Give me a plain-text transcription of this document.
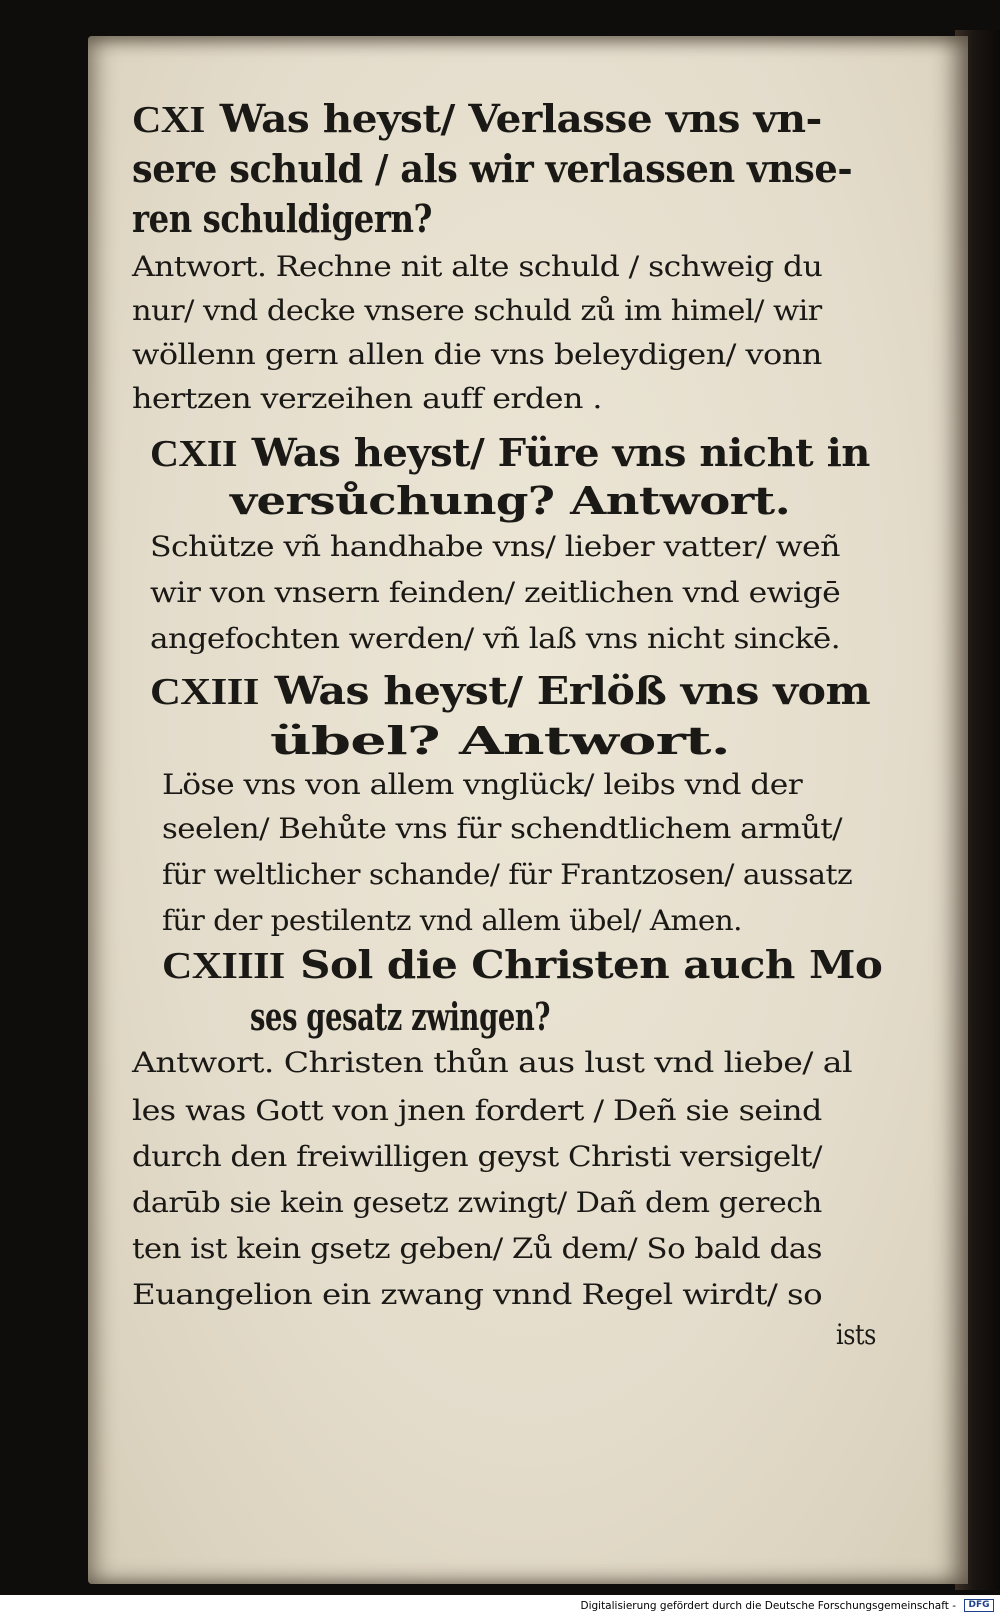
CXI Was heyst/ Verlasse vns vn-
sere schuld / als wir verlassen vnse-
ren schuldigern?
Antwort. Rechne nit alte schuld / schweig du
nur/ vnd decke vnsere schuld zů im himel/ wir
wöllenn gern allen die vns beleydigen/ vonn
hertzen verzeihen auff erden .
CXII Was heyst/ Füre vns nicht in
versůchung? Antwort.
Schütze vñ handhabe vns/ lieber vatter/ weñ
wir von vnsern feinden/ zeitlichen vnd ewigē
angefochten werden/ vñ laß vns nicht sinckē.
CXIII Was heyst/ Erlöß vns vom
übel? Antwort.
Löse vns von allem vnglück/ leibs vnd der
seelen/ Behůte vns für schendtlichem armůt/
für weltlicher schande/ für Frantzosen/ aussatz
für der pestilentz vnd allem übel/ Amen.
CXIIII Sol die Christen auch Mo
ses gesatz zwingen?
Antwort. Christen thůn aus lust vnd liebe/ al
les was Gott von jnen fordert / Deñ sie seind
durch den freiwilligen geyst Christi versigelt/
darūb sie kein gesetz zwingt/ Dañ dem gerech
ten ist kein gsetz geben/ Zů dem/ So bald das
Euangelion ein zwang vnnd Regel wirdt/ so
ists
Digitalisierung gefördert durch die Deutsche Forschungsgemeinschaft -	DFG
